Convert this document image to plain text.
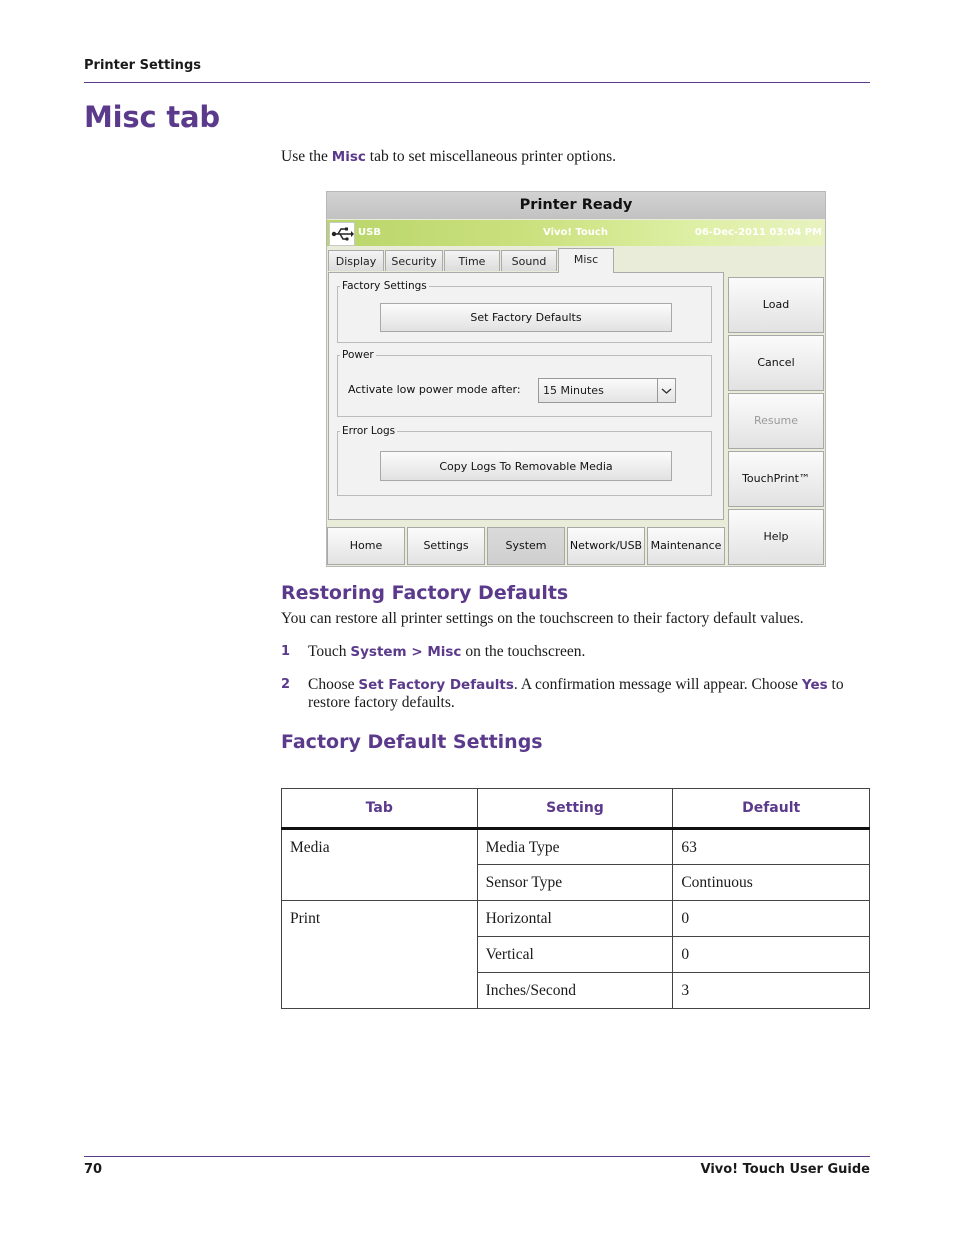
Printer Settings
Misc tab

Use the Misc tab to set miscellaneous printer options.

Printer Ready
USB	Vivo! Touch	06-Dec-2011 03:04 PM
Display	Security	Time	Sound	Misc
Factory Settings
Set Factory Defaults
Power
Activate low power mode after: 15 Minutes
Error Logs
Copy Logs To Removable Media
Load
Cancel
Resume
TouchPrint™
Help
Home	Settings	System	Network/USB Maintenance
Restoring Factory Defaults

You can restore all printer settings on the touchscreen to their factory default values.

1 Touch System > Misc on the touchscreen.

2 Choose Set Factory Defaults. A confirmation message will appear. Choose Yes to restore factory defaults.

Factory Default Settings
Tab	Setting	Default
Media	Media Type	63
	Sensor Type	Continuous
Print	Horizontal	0
	Vertical	0
	Inches/Second	3
70	Vivo! Touch User Guide
